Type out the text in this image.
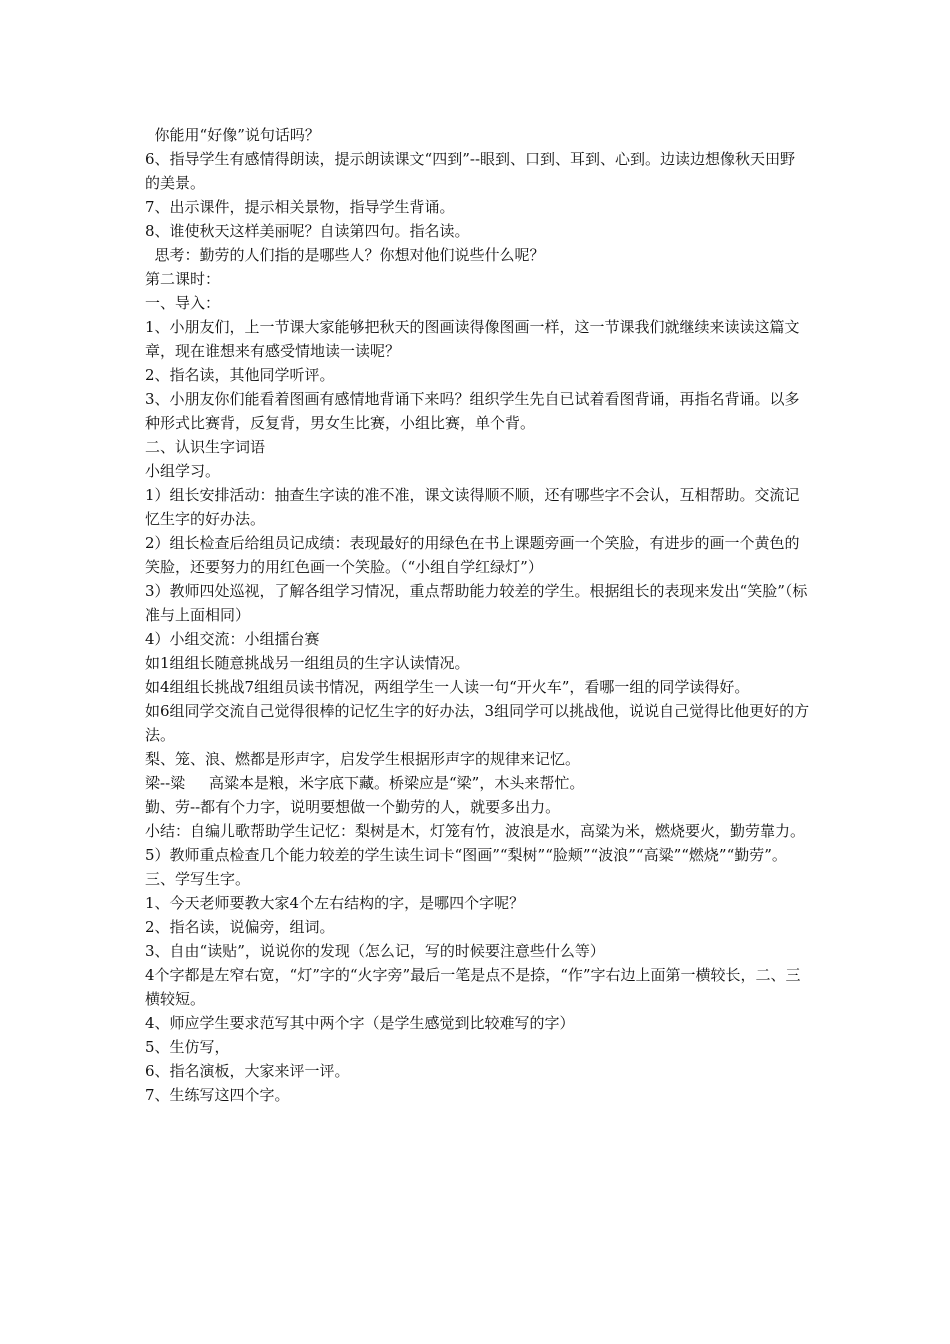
你能用“好像”说句话吗？

6、指导学生有感情得朗读，提示朗读课文“四到”--眼到、口到、耳到、心到。边读边想像秋天田野的美景。

7、出示课件，提示相关景物，指导学生背诵。

8、谁使秋天这样美丽呢？自读第四句。指名读。

思考：勤劳的人们指的是哪些人？你想对他们说些什么呢？

第二课时：

一、导入：

1、小朋友们，上一节课大家能够把秋天的图画读得像图画一样，这一节课我们就继续来读读这篇文章，现在谁想来有感受情地读一读呢？

2、指名读，其他同学听评。

3、小朋友你们能看着图画有感情地背诵下来吗？组织学生先自已试着看图背诵，再指名背诵。以多种形式比赛背，反复背，男女生比赛，小组比赛，单个背。

二、认识生字词语

小组学习。

1）组长安排活动：抽查生字读的准不准，课文读得顺不顺，还有哪些字不会认，互相帮助。交流记忆生字的好办法。

2）组长检查后给组员记成绩：表现最好的用绿色在书上课题旁画一个笑脸，有进步的画一个黄色的笑脸，还要努力的用红色画一个笑脸。（“小组自学红绿灯”）

3）教师四处巡视，了解各组学习情况，重点帮助能力较差的学生。根据组长的表现来发出“笑脸”（标准与上面相同）

4）小组交流：小组擂台赛

如1组组长随意挑战另一组组员的生字认读情况。

如4组组长挑战7组组员读书情况，两组学生一人读一句“开火车”，看哪一组的同学读得好。

如6组同学交流自己觉得很棒的记忆生字的好办法，3组同学可以挑战他，说说自己觉得比他更好的方法。

梨、笼、浪、燃都是形声字，启发学生根据形声字的规律来记忆。

梁--粱     高粱本是粮，米字底下藏。桥梁应是“梁”，木头来帮忙。

勤、劳--都有个力字，说明要想做一个勤劳的人，就要多出力。

小结：自编儿歌帮助学生记忆：梨树是木，灯笼有竹，波浪是水，高粱为米，燃烧要火，勤劳靠力。

5）教师重点检查几个能力较差的学生读生词卡“图画”“梨树”“脸颊”“波浪”“高粱”“燃烧”“勤劳”。

三、学写生字。

1、今天老师要教大家4个左右结构的字，是哪四个字呢？

2、指名读，说偏旁，组词。

3、自由“读贴”，说说你的发现（怎么记，写的时候要注意些什么等）

4个字都是左窄右宽，“灯”字的“火字旁”最后一笔是点不是捺，“作”字右边上面第一横较长，二、三横较短。

4、师应学生要求范写其中两个字（是学生感觉到比较难写的字）

5、生仿写，

6、指名演板，大家来评一评。

7、生练写这四个字。
